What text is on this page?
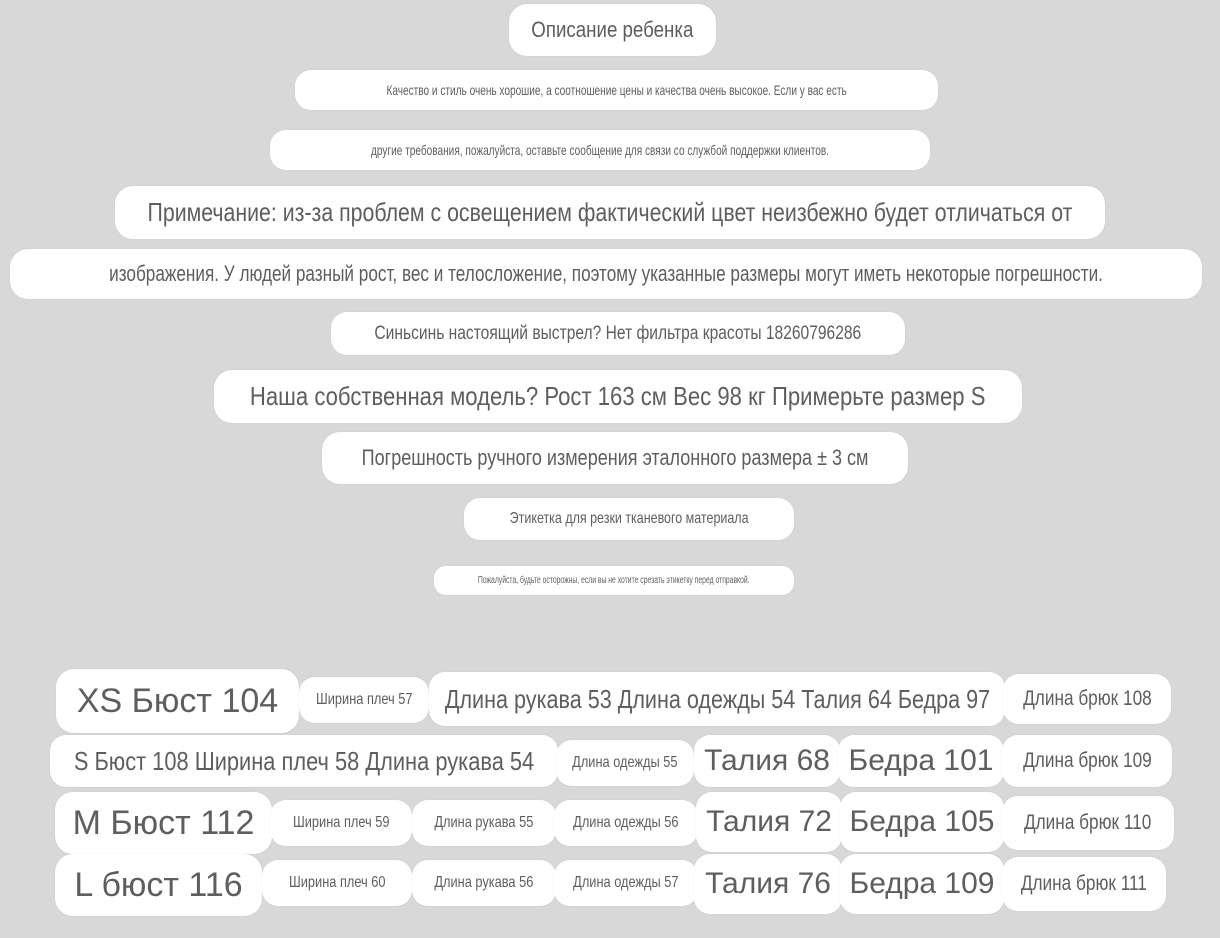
Описание ребенка
Качество и стиль очень хорошие, а соотношение цены и качества очень высокое. Если у вас есть
другие требования, пожалуйста, оставьте сообщение для связи со службой поддержки клиентов.
Примечание: из-за проблем с освещением фактический цвет неизбежно будет отличаться от
изображения. У людей разный рост, вес и телосложение, поэтому указанные размеры могут иметь некоторые погрешности.
Синьсинь настоящий выстрел? Нет фильтра красоты 18260796286
Наша собственная модель? Рост 163 см Вес 98 кг Примерьте размер S
Погрешность ручного измерения эталонного размера ± 3 см
Этикетка для резки тканевого материала
Пожалуйста, будьте осторожны, если вы не хотите срезать этикетку перед отправкой.
XS Бюст 104 Ширина плеч 57 Длина рукава 53 Длина одежды 54 Талия 64 Бедра 97 Длина брюк 108
S Бюст 108 Ширина плеч 58 Длина рукава 54 Длина одежды 55 Талия 68 Бедра 101 Длина брюк 109
M Бюст 112 Ширина плеч 59	Длина рукава 55 Длина одежды 56 Талия 72 Бедра 105 Длина брюк 110
L бюст 116	Ширина плеч 60	Длина рукава 56 Длина одежды 57 Талия 76 Бедра 109 Длина брюк 111
